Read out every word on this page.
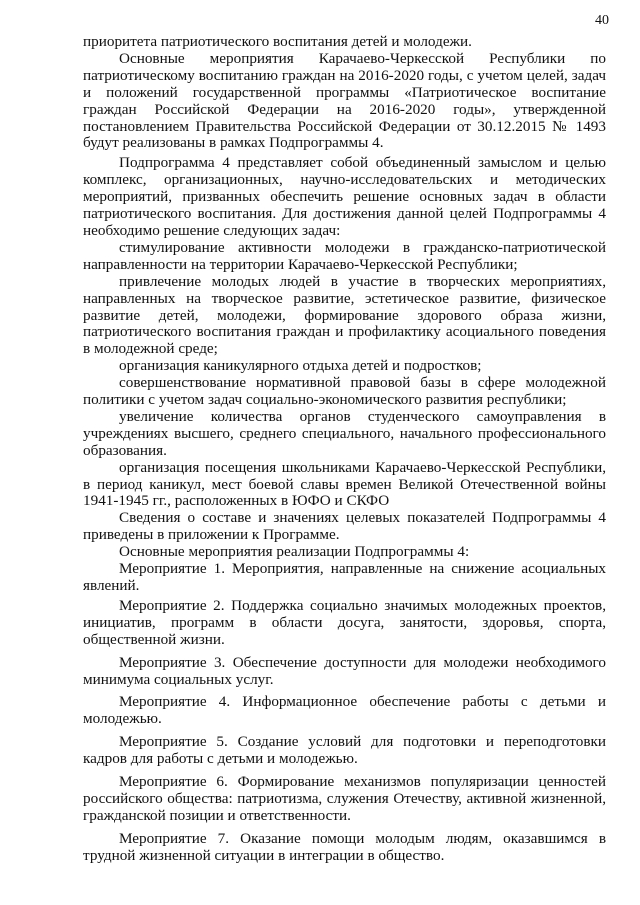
40

приоритета патриотического воспитания детей и молодежи.

Основные мероприятия Карачаево-Черкесской Республики по патриотическому воспитанию граждан на 2016-2020 годы, с учетом целей, задач и положений государственной программы «Патриотическое воспитание граждан Российской Федерации на 2016-2020 годы», утвержденной постановлением Правительства Российской Федерации от 30.12.2015 № 1493 будут реализованы в рамках Подпрограммы 4.

Подпрограмма 4 представляет собой объединенный замыслом и целью комплекс, организационных, научно-исследовательских и методических мероприятий, призванных обеспечить решение основных задач в области патриотического воспитания. Для достижения данной целей Подпрограммы 4 необходимо решение следующих задач:

стимулирование активности молодежи в гражданско-патриотической направленности на территории Карачаево-Черкесской Республики;

привлечение молодых людей в участие в творческих мероприятиях, направленных на творческое развитие, эстетическое развитие, физическое развитие детей, молодежи, формирование здорового образа жизни, патриотического воспитания граждан и профилактику асоциального поведения в молодежной среде;

организация каникулярного отдыха детей и подростков;

совершенствование нормативной правовой базы в сфере молодежной политики с учетом задач социально-экономического развития республики;

увеличение количества органов студенческого самоуправления в учреждениях высшего, среднего специального, начального профессионального образования.

организация посещения школьниками Карачаево-Черкесской Республики, в период каникул, мест боевой славы времен Великой Отечественной войны 1941-1945 гг., расположенных в ЮФО и СКФО

Сведения о составе и значениях целевых показателей Подпрограммы 4 приведены в приложении к Программе.

Основные мероприятия реализации Подпрограммы 4:

Мероприятие 1. Мероприятия, направленные на снижение асоциальных явлений.

Мероприятие 2. Поддержка социально значимых молодежных проектов, инициатив, программ в области досуга, занятости, здоровья, спорта, общественной жизни.

Мероприятие 3. Обеспечение доступности для молодежи необходимого минимума социальных услуг.

Мероприятие 4. Информационное обеспечение работы с детьми и молодежью.

Мероприятие 5. Создание условий для подготовки и переподготовки кадров для работы с детьми и молодежью.

Мероприятие 6. Формирование механизмов популяризации ценностей российского общества: патриотизма, служения Отечеству, активной жизненной, гражданской позиции и ответственности.

Мероприятие 7. Оказание помощи молодым людям, оказавшимся в трудной жизненной ситуации в интеграции в общество.
